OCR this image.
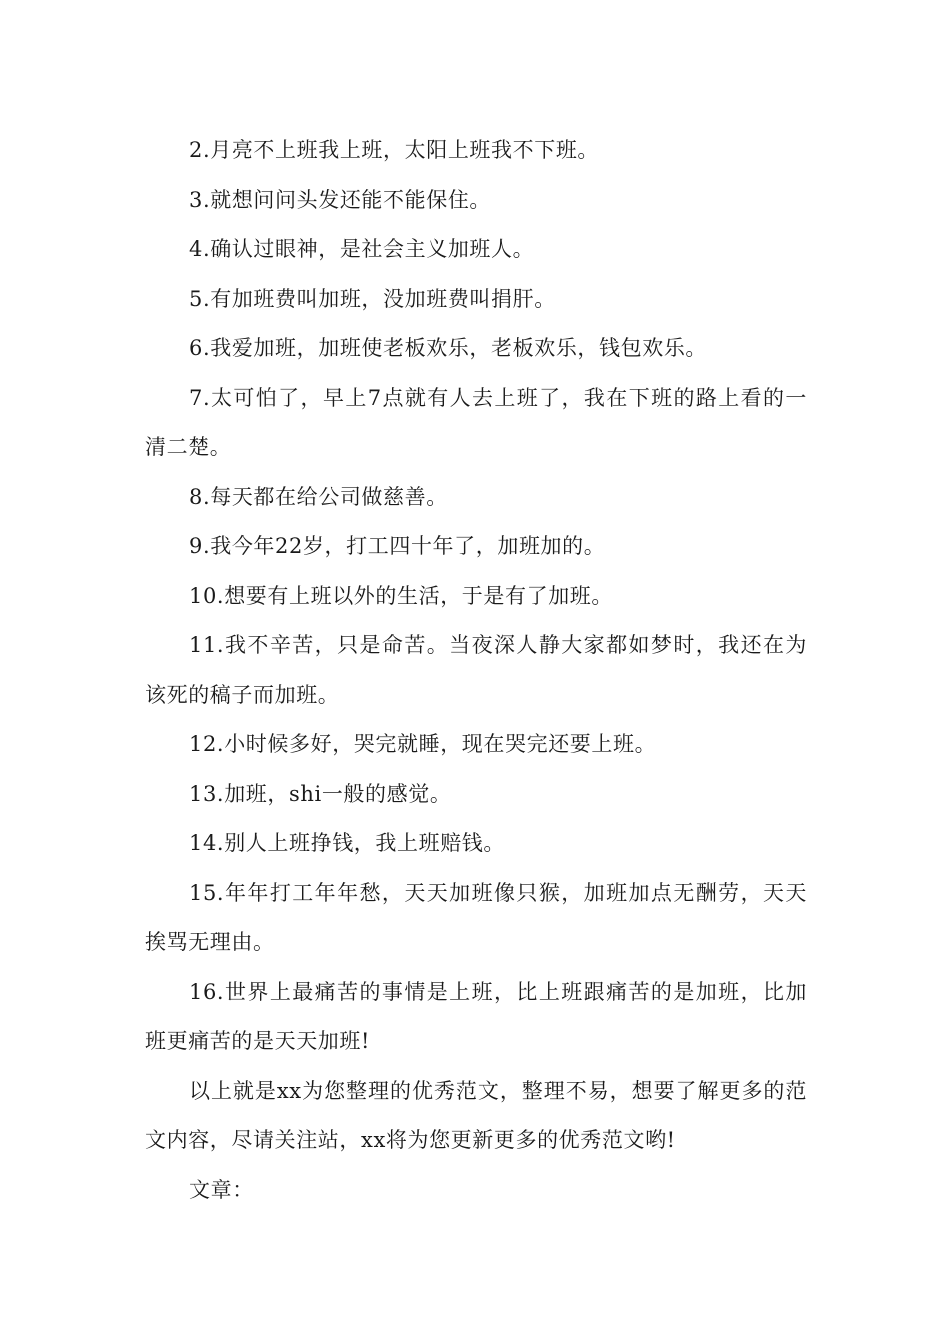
2.月亮不上班我上班，太阳上班我不下班。

3.就想问问头发还能不能保住。

4.确认过眼神，是社会主义加班人。

5.有加班费叫加班，没加班费叫捐肝。

6.我爱加班，加班使老板欢乐，老板欢乐，钱包欢乐。

7.太可怕了，早上7点就有人去上班了，我在下班的路上看的一清二楚。

8.每天都在给公司做慈善。

9.我今年22岁，打工四十年了，加班加的。

10.想要有上班以外的生活，于是有了加班。

11.我不辛苦，只是命苦。当夜深人静大家都如梦时，我还在为该死的稿子而加班。

12.小时候多好，哭完就睡，现在哭完还要上班。

13.加班，shi一般的感觉。

14.别人上班挣钱，我上班赔钱。

15.年年打工年年愁，天天加班像只猴，加班加点无酬劳，天天挨骂无理由。

16.世界上最痛苦的事情是上班，比上班跟痛苦的是加班，比加班更痛苦的是天天加班!

以上就是xx为您整理的优秀范文，整理不易，想要了解更多的范文内容，尽请关注站，xx将为您更新更多的优秀范文哟!

文章：
